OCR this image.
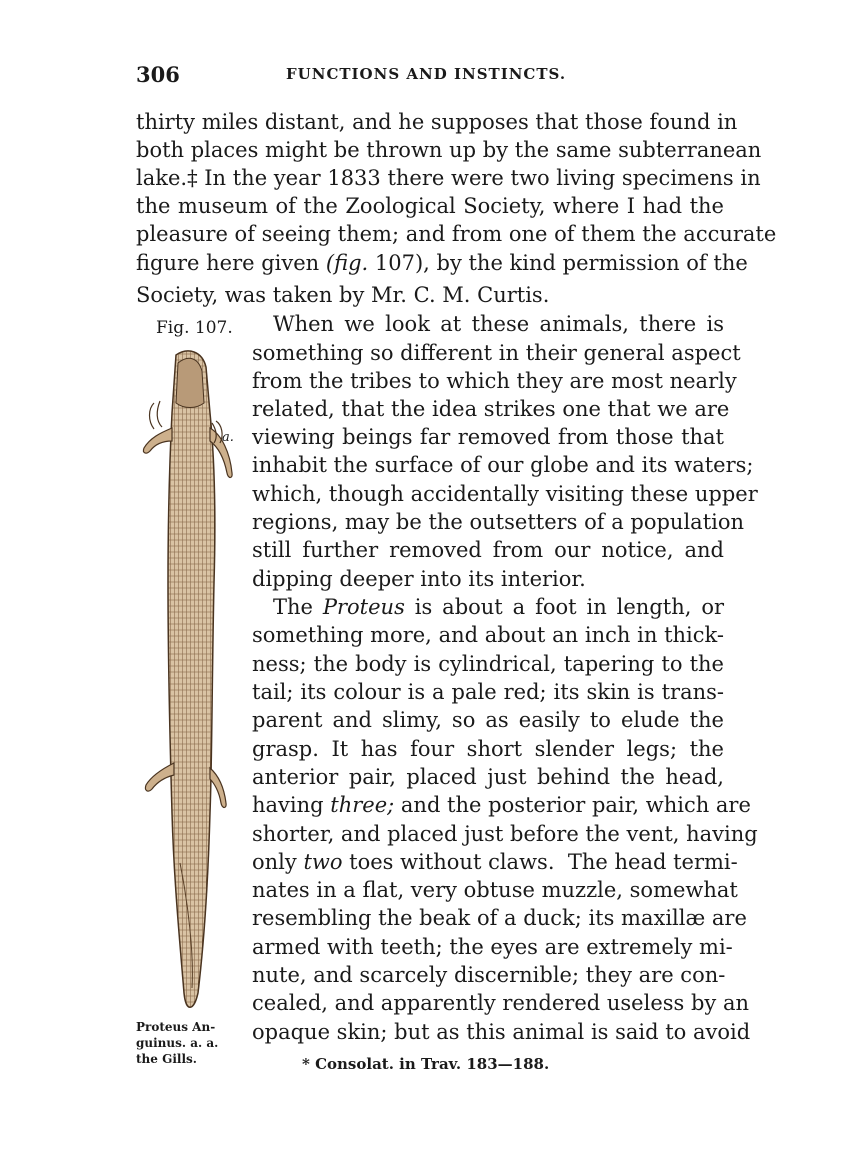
306	FUNCTIONS AND INSTINCTS.
thirty miles distant, and he supposes that those found in
both places might be thrown up by the same subterranean
lake.‡ In the year 1833 there were two living specimens in
the museum of the Zoological Society, where I had the
pleasure of seeing them; and from one of them the accurate
figure here given (fig. 107), by the kind permission of the
Society, was taken by Mr. C. M. Curtis.
Fig. 107.
a.
When we look at these animals, there is
something so different in their general aspect
from the tribes to which they are most nearly
related, that the idea strikes one that we are
viewing beings far removed from those that
inhabit the surface of our globe and its waters;
which, though accidentally visiting these upper
regions, may be the outsetters of a population
still further removed from our notice, and
dipping deeper into its interior.
The Proteus is about a foot in length, or
something more, and about an inch in thick-
ness; the body is cylindrical, tapering to the
tail; its colour is a pale red; its skin is trans-
parent and slimy, so as easily to elude the
grasp. It has four short slender legs; the
anterior pair, placed just behind the head,
having three; and the posterior pair, which are
shorter, and placed just before the vent, having
only two toes without claws.  The head termi-
nates in a flat, very obtuse muzzle, somewhat
resembling the beak of a duck; its maxillæ are
armed with teeth; the eyes are extremely mi-
nute, and scarcely discernible; they are con-
cealed, and apparently rendered useless by an
opaque skin; but as this animal is said to avoid
Proteus An-
guinus. a. a.
the Gills.	* Consolat. in Trav. 183—188.
